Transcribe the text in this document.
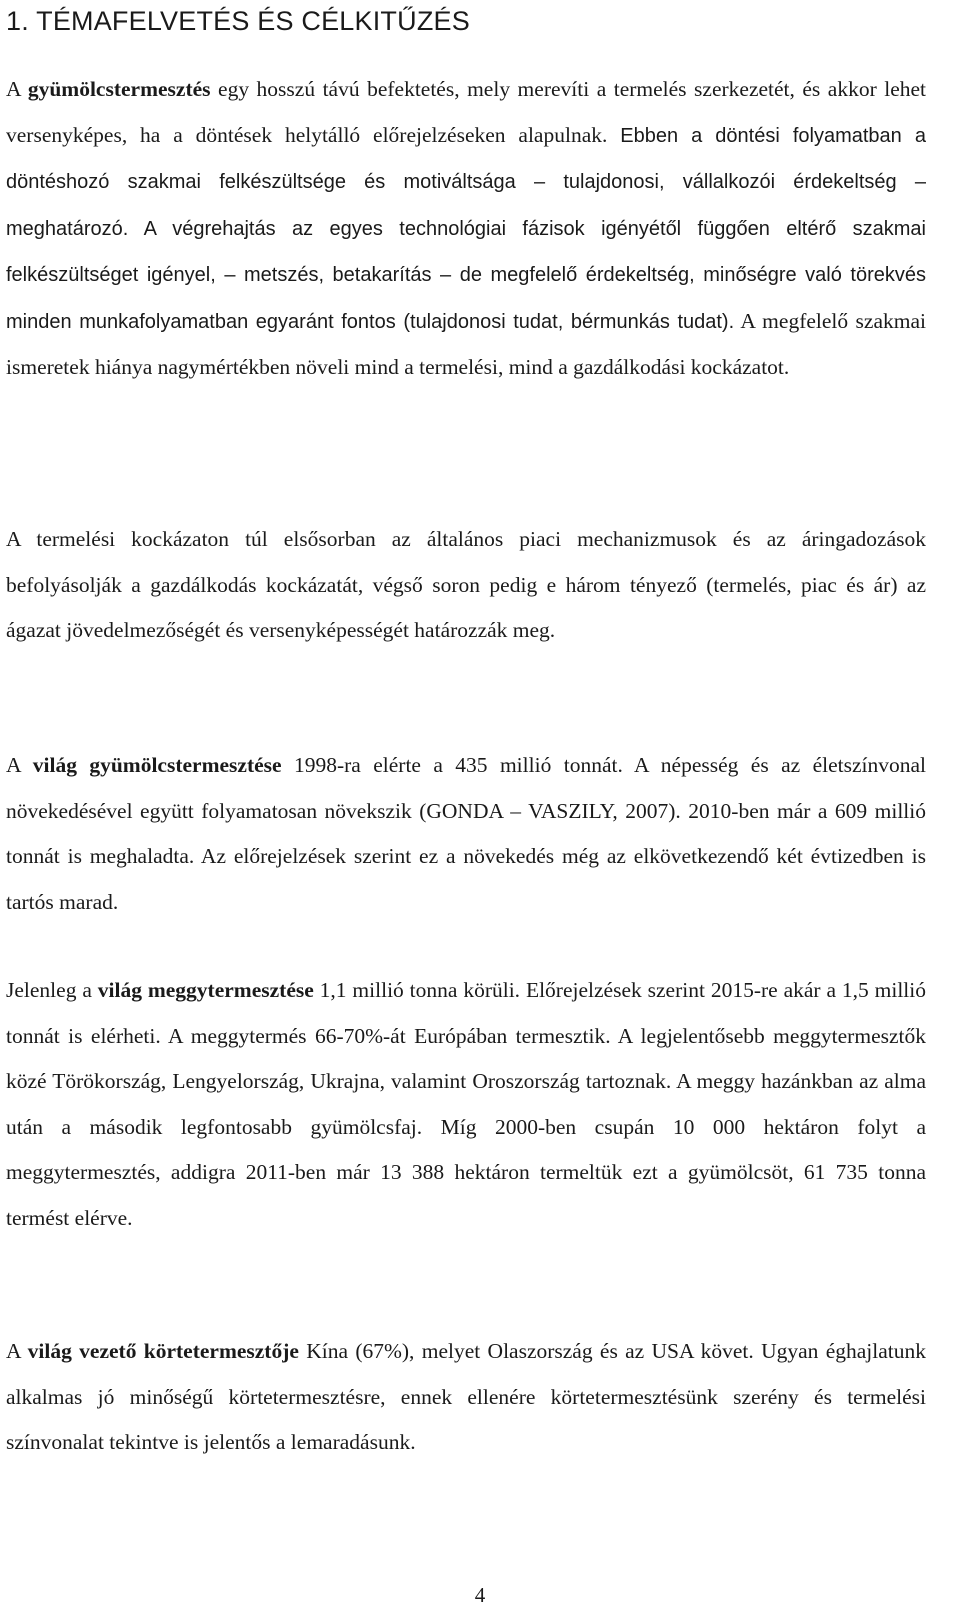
1. TÉMAFELVETÉS ÉS CÉLKITŰZÉS

A gyümölcstermesztés egy hosszú távú befektetés, mely merevíti a termelés szerkezetét, és akkor lehet versenyképes, ha a döntések helytálló előrejelzéseken alapulnak. Ebben a döntési folyamatban a döntéshozó szakmai felkészültsége és motiváltsága – tulajdonosi, vállalkozói érdekeltség – meghatározó. A végrehajtás az egyes technológiai fázisok igényétől függően eltérő szakmai felkészültséget igényel, – metszés, betakarítás – de megfelelő érdekeltség, minőségre való törekvés minden munkafolyamatban egyaránt fontos (tulajdonosi tudat, bérmunkás tudat). A megfelelő szakmai ismeretek hiánya nagymértékben növeli mind a termelési, mind a gazdálkodási kockázatot.

A termelési kockázaton túl elsősorban az általános piaci mechanizmusok és az áringadozások befolyásolják a gazdálkodás kockázatát, végső soron pedig e három tényező (termelés, piac és ár) az ágazat jövedelmezőségét és versenyképességét határozzák meg.

A világ gyümölcstermesztése 1998-ra elérte a 435 millió tonnát. A népesség és az életszínvonal növekedésével együtt folyamatosan növekszik (GONDA – VASZILY, 2007). 2010-ben már a 609 millió tonnát is meghaladta. Az előrejelzések szerint ez a növekedés még az elkövetkezendő két évtizedben is tartós marad.

Jelenleg a világ meggytermesztése 1,1 millió tonna körüli. Előrejelzések szerint 2015-re akár a 1,5 millió tonnát is elérheti. A meggytermés 66-70%-át Európában termesztik. A legjelentősebb meggytermesztők közé Törökország, Lengyelország, Ukrajna, valamint Oroszország tartoznak. A meggy hazánkban az alma után a második legfontosabb gyümölcsfaj. Míg 2000-ben csupán 10 000 hektáron folyt a meggytermesztés, addigra 2011-ben már 13 388 hektáron termeltük ezt a gyümölcsöt, 61 735 tonna termést elérve.

A világ vezető körtetermesztője Kína (67%), melyet Olaszország és az USA követ. Ugyan éghajlatunk alkalmas jó minőségű körtetermesztésre, ennek ellenére körtetermesztésünk szerény és termelési színvonalat tekintve is jelentős a lemaradásunk.

4
